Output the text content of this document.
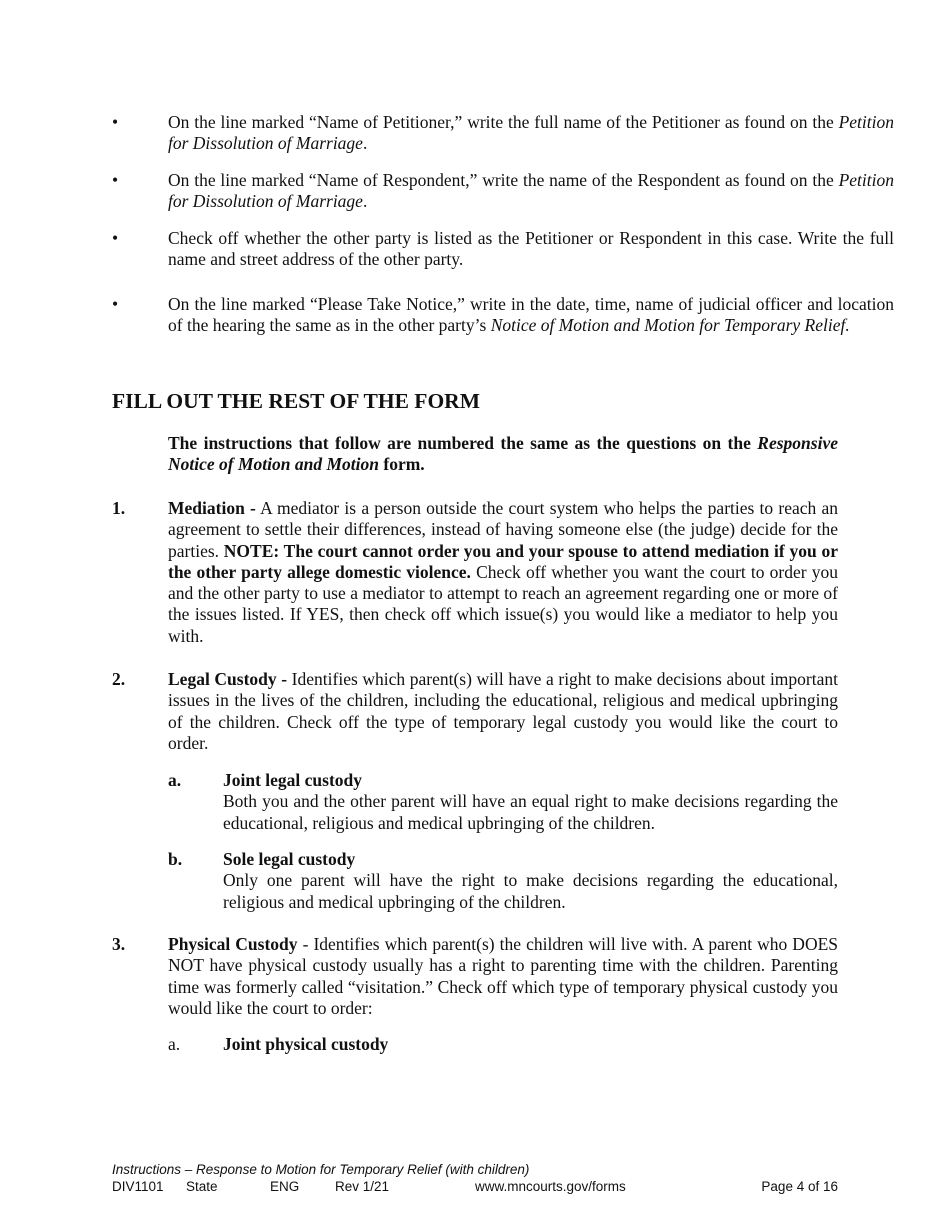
•	On the line marked “Name of Petitioner,” write the full name of the Petitioner as found on the Petition for Dissolution of Marriage.

•	On the line marked “Name of Respondent,” write the name of the Respondent as found on the Petition for Dissolution of Marriage.

•	Check off whether the other party is listed as the Petitioner or Respondent in this case. Write the full name and street address of the other party.

•	On the line marked “Please Take Notice,” write in the date, time, name of judicial officer and location of the hearing the same as in the other party’s Notice of Motion and Motion for Temporary Relief.

FILL OUT THE REST OF THE FORM

The instructions that follow are numbered the same as the questions on the Responsive Notice of Motion and Motion form.

1. Mediation - A mediator is a person outside the court system who helps the parties to reach an agreement to settle their differences, instead of having someone else (the judge) decide for the parties. NOTE: The court cannot order you and your spouse to attend mediation if you or the other party allege domestic violence. Check off whether you want the court to order you and the other party to use a mediator to attempt to reach an agreement regarding one or more of the issues listed. If YES, then check off which issue(s) you would like a mediator to help you with.

2. Legal Custody - Identifies which parent(s) will have a right to make decisions about important issues in the lives of the children, including the educational, religious and medical upbringing of the children. Check off the type of temporary legal custody you would like the court to order.

a. Joint legal custody

Both you and the other parent will have an equal right to make decisions regarding the educational, religious and medical upbringing of the children.

b. Sole legal custody

Only one parent will have the right to make decisions regarding the educational, religious and medical upbringing of the children.

3. Physical Custody - Identifies which parent(s) the children will live with. A parent who DOES NOT have physical custody usually has a right to parenting time with the children. Parenting time was formerly called “visitation.” Check off which type of temporary physical custody you would like the court to order:

a. Joint physical custody
Instructions – Response to Motion for Temporary Relief (with children)
DIV1101 State	ENG	Rev 1/21	www.mncourts.gov/forms	Page 4 of 16
